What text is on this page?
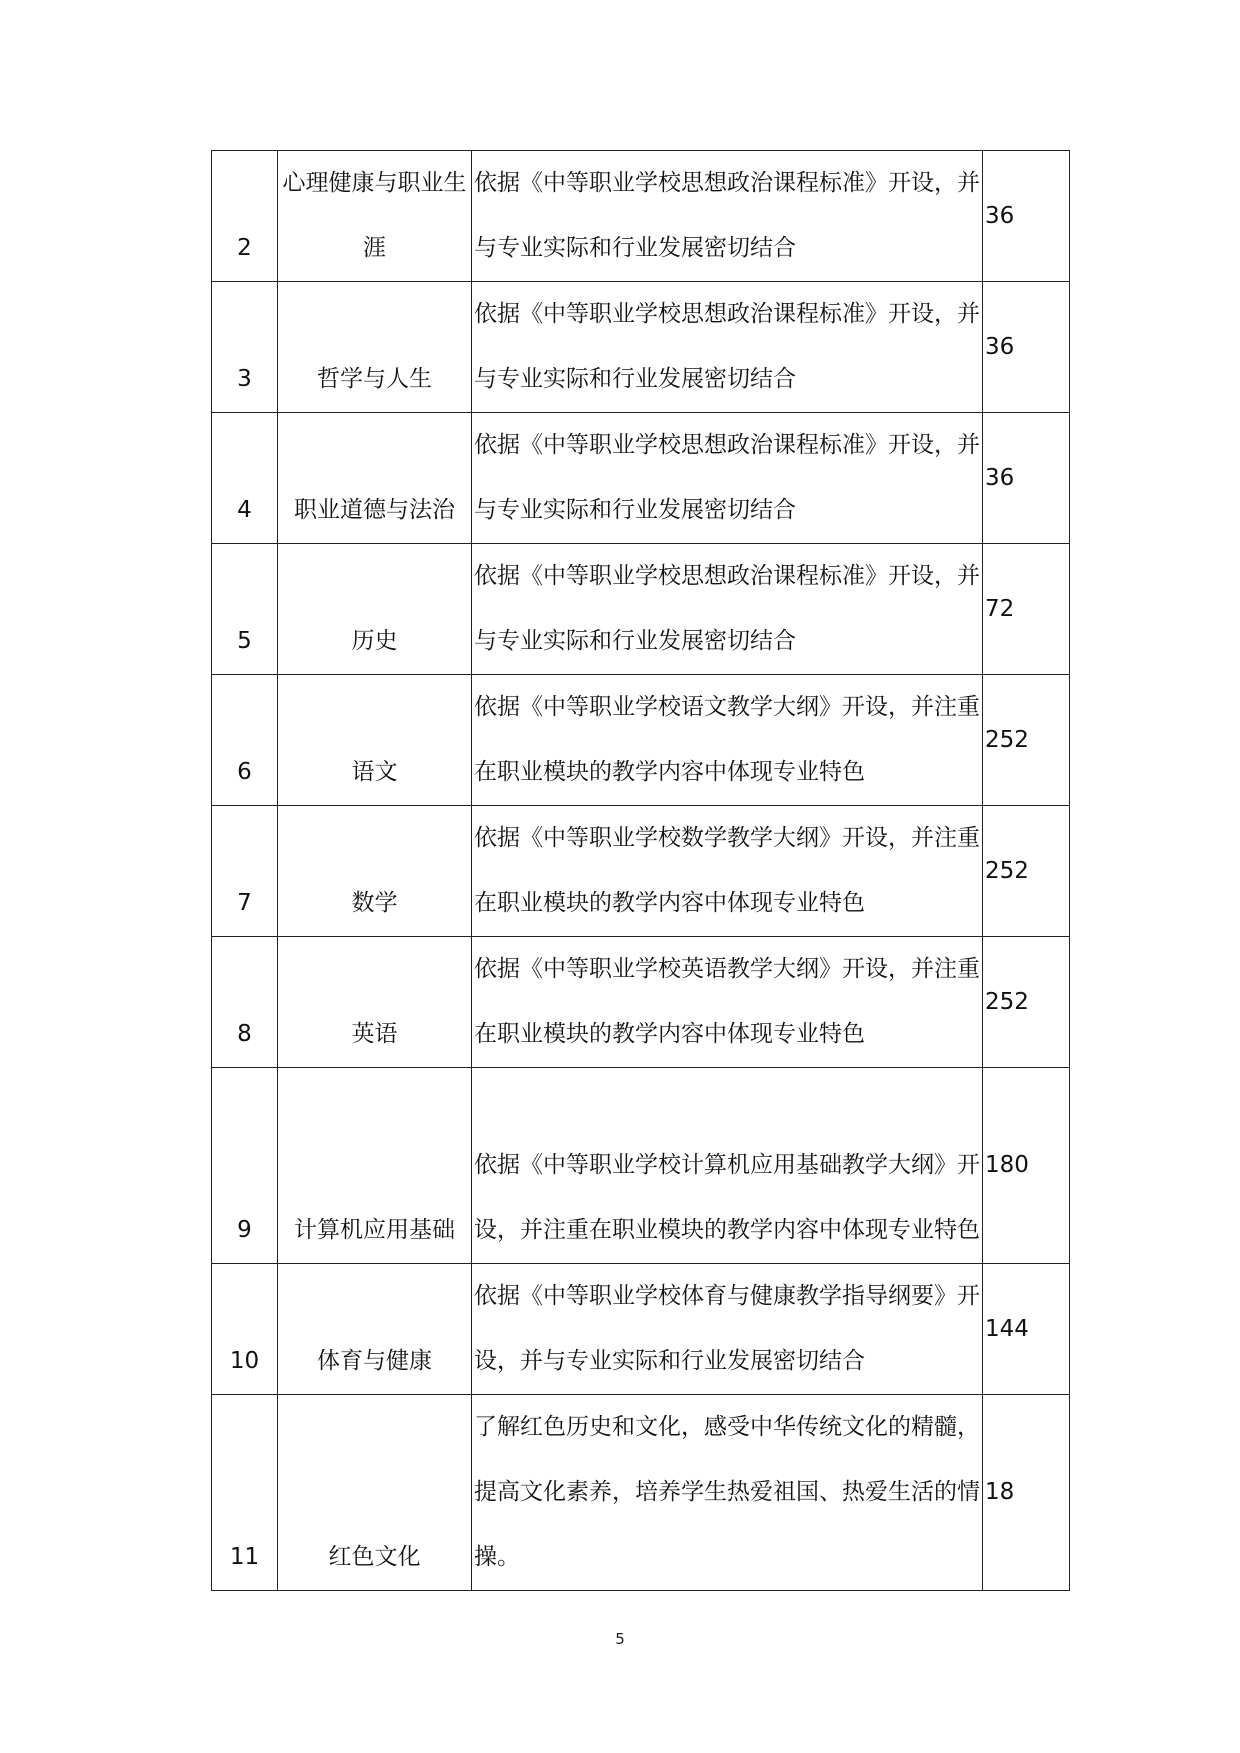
2	心理健康与职业生涯	依据《中等职业学校思想政治课程标准》开设，并与专业实际和行业发展密切结合	36
3	哲学与人生	依据《中等职业学校思想政治课程标准》开设，并与专业实际和行业发展密切结合	36
4	职业道德与法治	依据《中等职业学校思想政治课程标准》开设，并与专业实际和行业发展密切结合	36
5	历史	依据《中等职业学校思想政治课程标准》开设，并与专业实际和行业发展密切结合	72
6	语文	依据《中等职业学校语文教学大纲》开设，并注重在职业模块的教学内容中体现专业特色	252
7	数学	依据《中等职业学校数学教学大纲》开设，并注重在职业模块的教学内容中体现专业特色	252
8	英语	依据《中等职业学校英语教学大纲》开设，并注重在职业模块的教学内容中体现专业特色	252
9	计算机应用基础	依据《中等职业学校计算机应用基础教学大纲》开设，并注重在职业模块的教学内容中体现专业特色	180
10	体育与健康	依据《中等职业学校体育与健康教学指导纲要》开设，并与专业实际和行业发展密切结合	144
11	红色文化	了解红色历史和文化，感受中华传统文化的精髓，提高文化素养，培养学生热爱祖国、热爱生活的情操。	18
5
